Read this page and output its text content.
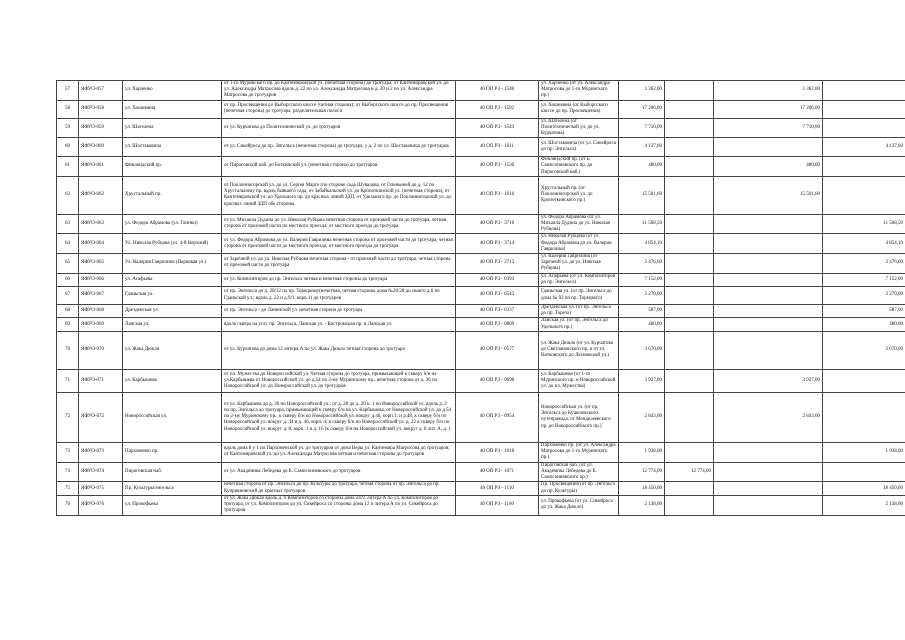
57	ЯФУО-057	ул. Харченко	от 1-го Муринского пр. до Кантемировской ул. (нечетная сторона) до тротуара; от Кантемировской ул. до ул. Александра Матросова вдоль д. 22 по ул. Александра Матросова и д. 20 и 2 по ул. Александра Матросова до тротуаров	40 ОП РЗ - 1546	ул. Харченко (от ул. Александра Матросова до 1-го Муринского пр.)	3 362,00		3 362,00	
58	ЯФУО-058	ул. Хошимина	от пр. Просвещения до Выборгского шоссе (четная сторона); от Выборгского шоссе до пр. Просвещения (нечетная сторона) до тротуара, разделительная полоса	40 ОП РЗ - 1592	ул. Хошимина (от Выборгского шоссе до пр. Просвещения)	17 206,00		17 206,00	
59	ЯФУО-059	ул. Шателена	от ул. Курчатова до Политехнической ул. до тротуаров	40 ОП РЗ - 1543	ул. Шателена (от Политехнической ул. до ул. Курчатова)	7 710,00		7 710,00	
60	ЯФУО-060	ул. Шостаковича	от ул. Сикейроса до пр. Энгельса (нечетная сторона) до тротуара, у д. 2 по ул. Шостаковича до тротуаров	40 ОП РЗ - 1611	ул. Шостаковича (от ул. Сикейроса до пр. Энгельса)	4 137,00			4 137,00
61	ЯФУО-061	Финляндский пр.	от Пироговской наб. до Боткинской ул. (нечетная сторона) до тротуаров	40 ОП РЗ - 1536	Финляндский пр. (от Б. Сампсониевского пр. до Пироговской наб.)	480,00		480,00	
62	ЯФУО-062	Хрустальный пр.	от Поклонногорской ул. до ул. Сергея Марго (по стороне сада Шувалова, от Оленьевой до д. 12 по Хрустальному пр. вдоль бывшего сада, от Забайкальской ул. до Кропоткинской ул. (нечетная сторона), от Кантемировской ул. до Удельного пр. до красных линий ЗДП, от Удельного пр. до Поклонногорской ул. до красных линий ЗДП обе стороны	40 ОП РЗ - 1616	Хрустальный пр. (от Поклонногорской ул. до Кропоткинского пр.)	15 501,60		15 501,60	
63	ЯФУО-063	ул. Федора Абрамова (ул. Глинки)	от ул. Михаила Дудина до ул. Николая Рубцова нечетная сторона от проезжей части до тротуара, четная сторона от проезжей части по местного проезда; от местного проезда до тротуара	40 ОП РЗ - 3716	ул. Федора Абрамова (от ул. Михаила Дудина до ул. Николая Рубцова)	11 568,50			11 568,50
64	ЯФУО-064	Ул. Николая Рубцова (ул. 4-й Верхний)	от ул. Федора Абрамова до ул. Валерия Гаврилина нечетная сторона от проезжей части до тротуара, четная сторона от проезжей части до местного проезда; от местного проезда до тротуара	40 ОП РЗ - 3714	ул. Николая Рубцова (от ул. Федора Абрамова до ул. Валерия Гаврилина)	4 854,10			4 854,10
65	ЯФУО-065	Ул. Валерия Гаврилина (Парковая ул.)	от Заречной ул. до ул. Николая Рубцова нечетная сторона - от проезжей части до тротуара, четная сторона от проезжей части до тротуара	40 ОП РЗ - 3713	ул. Валерия Гаврилина (от Заречной ул. до ул. Николая Рубцова)	3 476,60			3 476,60
66	ЯФУО-066	ул. Асафьева	от ул. Композиторов до пр. Энгельса четная и нечетная стороны до тротуара	40 ОП РЗ - 0393	ул. Асафьева (от ул. Композиторов до пр. Энгельса)	7 152,00			7 152,00
67	ЯФУО-067	Гданьская ул.	от пр. Энгельса до д. 28/32 по пр. Торецкому(нечетная, четная стороны дома №26/28 до своего д.6 по Гданьской ул.; вдоль д. 22 и д.9/1, корп.1) до тротуаров	40 ОП РЗ - 0543	Гданьская ул. (от пр. Энгельса до дома № 92 по пр. Торецкого)	3 270,00			3 270,00
68	ЯФУО-068	Дрезденская ул.	от пр. Энгельса - до Ланинской ул. нечетная сторона до тротуара	40 ОП РЗ - 0337	Дрезденская ул. (от пр. Энгельса до пр. Тореза)	587,00			587,00
69	ЯФУО-069	Ланская ул.	вдоль сквера на углу пр. Энгельса, Ланская ул. - Костромская пр. и Ланская ул.	40 ОП РЗ - 0809	Ланская ул. (от пр. Энгельса до Удельного пр.)	480,00			480,00
70	ЯФУО-070	ул. Жака Дюкло	от ул. Курчатова до дома 12 литера А по ул. Жака Дюкло четная сторона до тротуара	40 ОП РЗ - 0577	ул. Жака Дюкло (от ул. Курчатова до Светлановского пр. и от ул. Витковского до Лесновской ул.)	3 670,00			3 670,00
71	ЯФУО-071	ул. Карбышева	от пл. Мужества до Новороссийской ул. Четная сторона до тротуара, примыкающей к скверу 6/н на ул.Карбышева от Новороссийской ул. до д.54 по 2-му Муринскому пр., нечетная сторона от д. 36 по Новороссийской ул. до Новороссийской ул. до тротуаров	40 ОП РЗ - 0698	ул. Карбышева (от 1-го Муринского пр. и Новороссийской ул. до пл. Мужества)	3 927,00		3 927,00	
72	ЯФУО-072	Новороссийская ул.	от ул. Карбышева до д. 30 по Новороссийской ул.; от д. 28 до д. 20 к. 1 по Новороссийской ул. вдоль д. 2 по пр. Энгельса до тротуара, примыкающей к скверу б/н на ул. Карбышева, от Новороссийской ул. до д.54 по 2-му Муринскому пр., к скверу б/н по Новороссийской ул. вокруг д.46, корп.1; и д.48, к скверу б/н по Новороссийской ул. вокруг д. 44 и д. 46, корп. 4; к скверу б/н по Новороссийской ул. д. 22 к скверу б/н по Новороссийской ул. вокруг д. 8, корп. 1 и д. 16 (к скверу б/н на Новороссийской ул. вокруг д. 8 лит. А, д. 1	40 ОП РЗ - 0954	Новороссийская ул. (от пр. Энгельса до Кушелевского путепровода, от Менделеевского пр. до Новороссийского пр.)	2 843,00		2 843,00	
73	ЯФУО-073	Пархоменко пр.	вдоль дома 8 у 1 по Пархоменской ул. до тротуаров от дома Веры ул. Кантемира Матросова до тротуаров; от Кантемировской ул. до ул. Александра Матросова четная и нечетная стороны до тротуаров	40 ОП РЗ - 1018	Пархоменко пр. (от ул. Александра Матросова до 1-го Муринского пр.)	1 938,00			1 938,00
74	ЯФУО-074	Пироговская наб.	от ул. Академика Лебедева до Б. Сампсониевского до тротуаров	40 ОП РЗ - 1071	Пироговская наб. (от ул. Академика Лебедева до Б. Сампсониевского пр.)	12 774,00	12 774,00		
75	ЯФУО-075	Пр. Культуры/энгельса	нечетная сторона от пр. Энгельса до пр. Культуры до тротуара, четная сторона от пр. Энгельса до пр. Куприяновский до красных тротуаров	40 ОП РЗ - 1110	Пр. Просвещения (от пр. Энгельса до пр. Культуры)	18 450,00			18 450,00
76	ЯФУО-076	ул. Прокофьева	от ул. Жака Дюкло вдоль д. 6 Композиторов со стороны дома 24/9, литера А по ул. Композиторов до тротуара, от ул. Композиторов до ул. Сикейроса со стороны дома 12 и литера А по ул. Сикейроса до тротуаров	40 ОП РЗ - 1160	ул. Прокофьева (от ул. Сикейроса до ул. Жака Дюкло)	2 138,00			2 138,00
